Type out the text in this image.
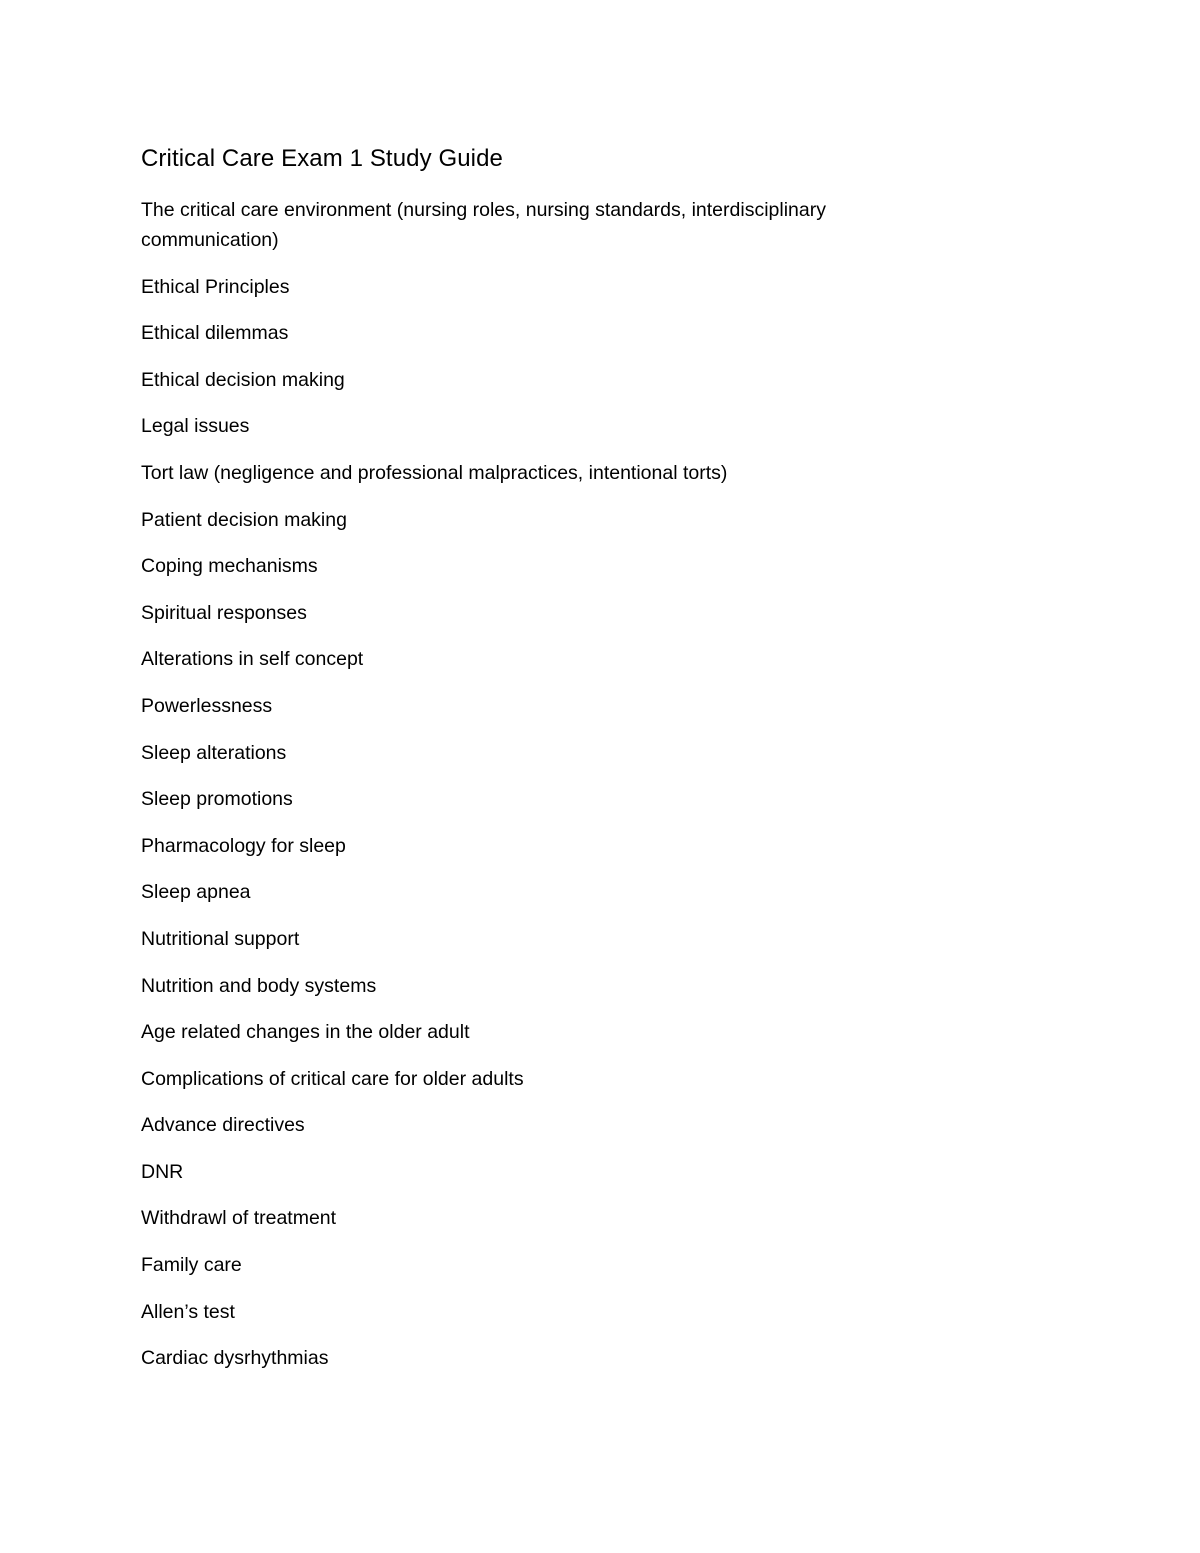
Critical Care Exam 1 Study Guide
The critical care environment (nursing roles, nursing standards, interdisciplinary communication)
Ethical Principles
Ethical dilemmas
Ethical decision making
Legal issues
Tort law (negligence and professional malpractices, intentional torts)
Patient decision making
Coping mechanisms
Spiritual responses
Alterations in self concept
Powerlessness
Sleep alterations
Sleep promotions
Pharmacology for sleep
Sleep apnea
Nutritional support
Nutrition and body systems
Age related changes in the older adult
Complications of critical care for older adults
Advance directives
DNR
Withdrawl of treatment
Family care
Allen’s test
Cardiac dysrhythmias
